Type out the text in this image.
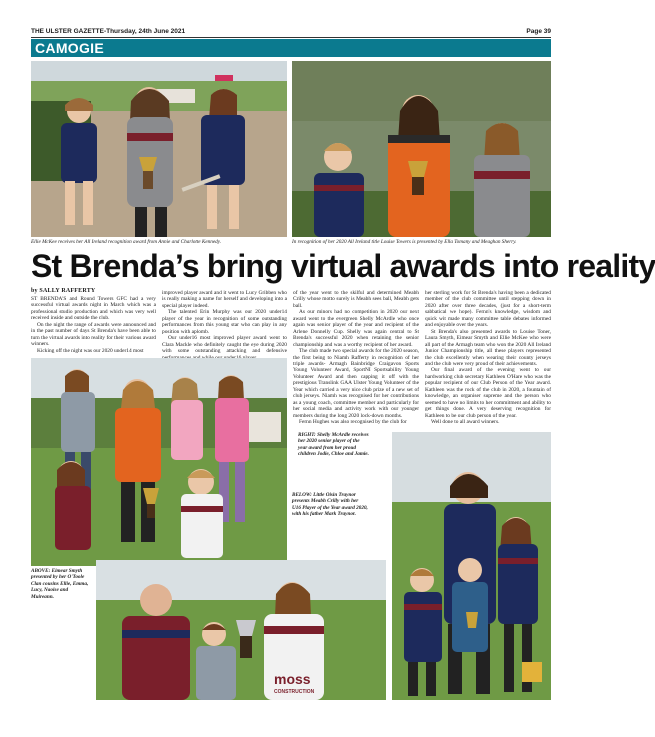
THE ULSTER GAZETTE-Thursday, 24th June 2021	Page 39
CAMOGIE
Ellie McKee receives her All Ireland recognition award from Annie and Charlotte Kennedy.	In recognition of her 2020 All Ireland title Louise Towers is presented by Ella Tomany and Meaghan Sherry.
St Brenda’s bring virtual awards into reality
by SALLY RAFFERTY

ST BRENDA'S and Round Towers GFC had a very successful virtual awards night in March which was a professional studio production and which was very well received inside and outside the club.

On the night the range of awards were announced and in the past number of days St Brenda's have been able to turn the virtual awards into reality for their various award winners.

Kicking off the night was our 2020 under14 most

improved player award and it went to Lucy Gribben who is really making a name for herself and developing into a special player indeed.

The talented Erin Murphy was our 2020 under14 player of the year in recognition of some outstanding performances from this young star who can play in any position with aplomb.

Our under16 most improved player award went to Clara Mackle who definitely caught the eye during 2020 with some outstanding attacking and defensive

of the year went to the skilful and determined Meabh Crilly whose motto surely is Meabh sees ball, Meabh gets ball.

As our minors had no competition in 2020 our next award went to the evergreen Shelly McArdle who once again was senior player of the year and recipient of the Arlene Donnelly Cup. Shelly was again central to St Brenda's successful 2020 when retaining the senior championship and was a worthy recipient of her award.

The club made two special awards for the 2020 season, the first being to Niamh Rafferty in recognition of her triple awards- Armagh Bainbridge Craigavon Sports Young Volunteer Award, SportNI Sportsability Young Volunteer Award and then capping it off with the prestigious Translink GAA Ulster Young Volunteer of the Year which carried a very nice club prize of a new set of club jerseys. Niamh was recognised for her contributions as a young coach, committee member and particularly for her social media and activity work with our younger members during the long 2020 lock-down months.

Fernn Hughes was also recognised by the club for

her sterling work for St Brenda's having been a dedicated member of the club committee until stepping down in 2020 after over three decades, (just for a short-term sabbatical we hope). Fernn's knowledge, wisdom and quick wit made many committee table debates informed and enjoyable over the years.

St Brenda's also presented awards to Louise Toner, Laura Smyth, Eimear Smyth and Ellie McKee who were all part of the Armagh team who won the 2020 All Ireland Junior Championship title, all these players represented the club excellently when wearing their county jerseys and the club were very proud of their achievements.

Our final award of the evening went to our hardworking club secretary Kathleen O'Hare who was the popular recipient of our Club Person of the Year award. Kathleen was the rock of the club in 2020, a fountain of knowledge, an organiser supreme and the person who seemed to have no limits to her commitment and ability to get things done. A very deserving recognition for Kathleen to be our club person of the year.

Well done to all award winners.

moss
CONSTRUCTION
RIGHT: Shelly McArdle receives her 2020 senior player of the year award from her proud children Jodie, Chloe and Jamie.
BELOW: Little Oisin Traynor presents Meabh Crilly with her U16 Player of the Year award 2020, with his father Mark Traynor.
ABOVE: Eimear Smyth presented by her O'Toole Clan cousins Ellie, Emma, Lucy, Naoise and Muireann.
